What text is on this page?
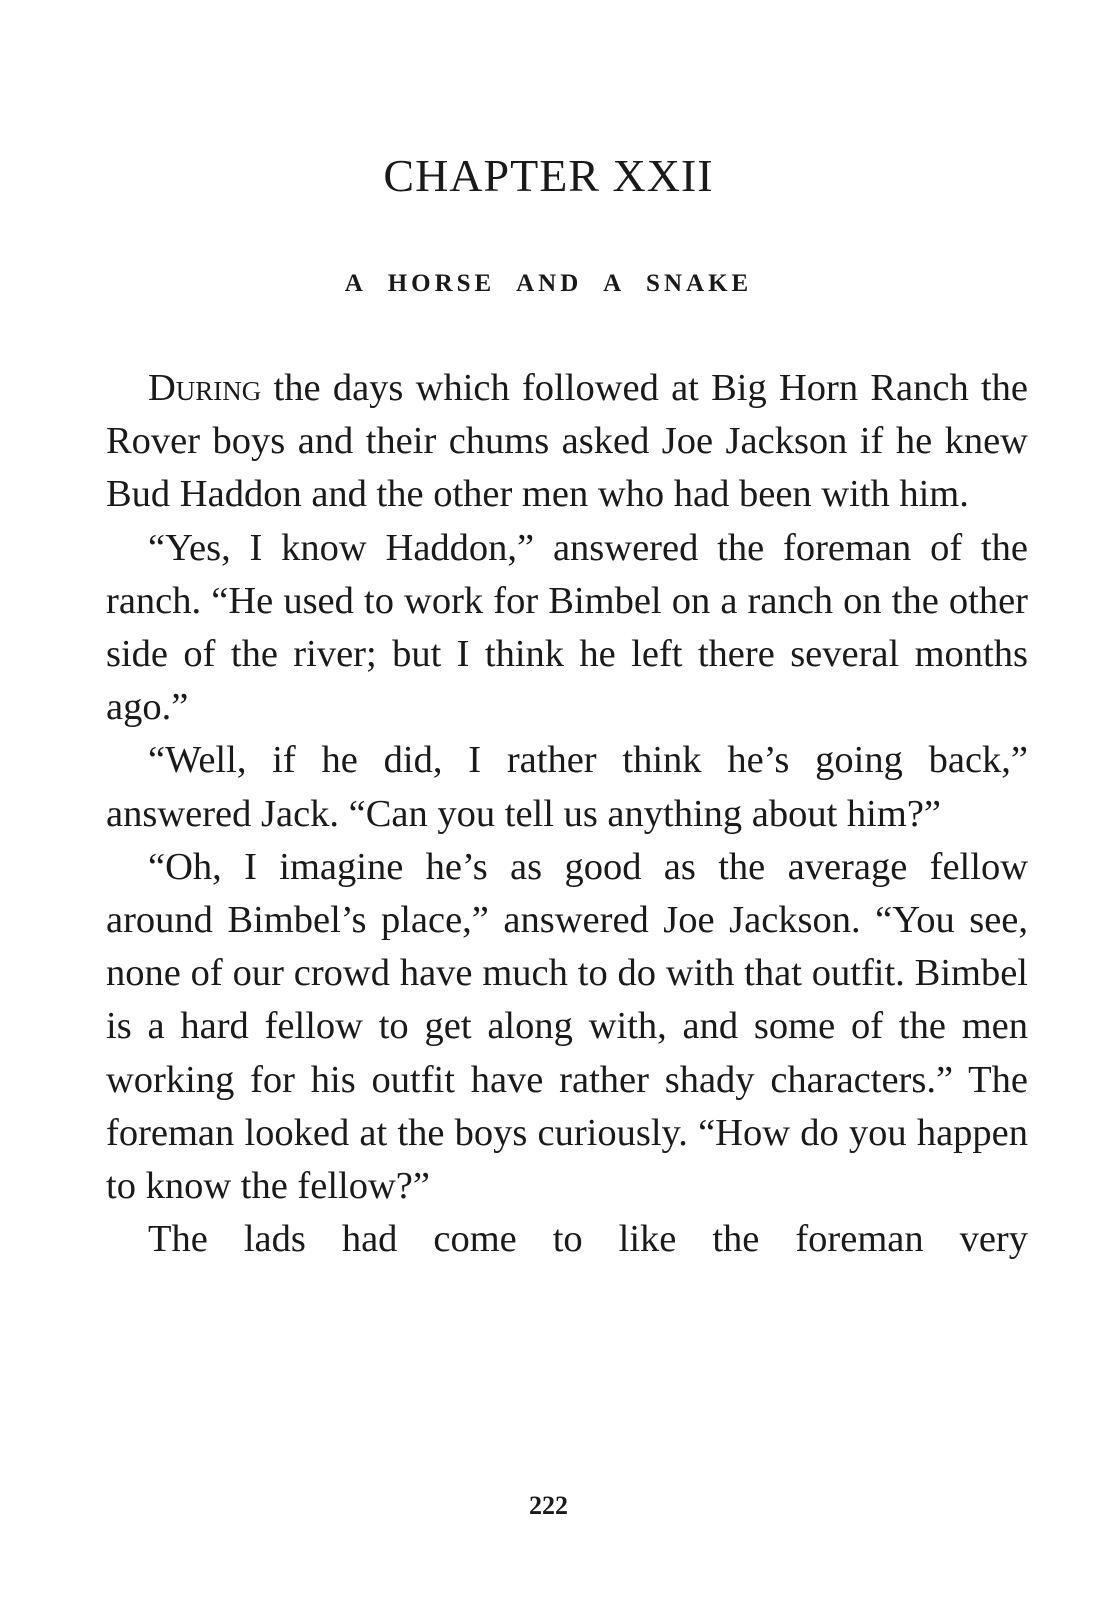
CHAPTER XXII
A HORSE AND A SNAKE

During the days which followed at Big Horn Ranch the Rover boys and their chums asked Joe Jackson if he knew Bud Haddon and the other men who had been with him.

“Yes, I know Haddon,” answered the foreman of the ranch. “He used to work for Bimbel on a ranch on the other side of the river; but I think he left there several months ago.”

“Well, if he did, I rather think he’s going back,” answered Jack. “Can you tell us anything about him?”

“Oh, I imagine he’s as good as the average fellow around Bimbel’s place,” answered Joe Jackson. “You see, none of our crowd have much to do with that outfit. Bimbel is a hard fellow to get along with, and some of the men working for his outfit have rather shady characters.” The foreman looked at the boys curiously. “How do you happen to know the fellow?”

The lads had come to like the foreman very

222
